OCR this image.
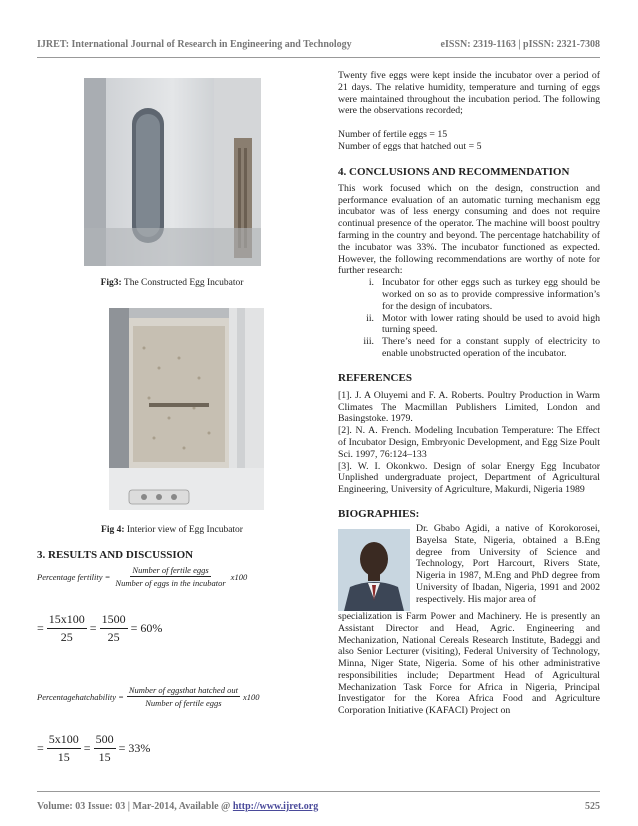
IJRET: International Journal of Research in Engineering and Technology	eISSN: 2319-1163 | pISSN: 2321-7308
Fig3: The Constructed Egg Incubator
Fig 4: Interior view of Egg Incubator
3. RESULTS AND DISCUSSION
Percentage fertility = $\frac{\text{Number of fertile eggs}}{\text{Number of eggs in the incubator}} x100$
= $\frac{15x100}{25} = \frac{1500}{25} = 60\%$
Percentagehatchability = $\frac{\text{Number of eggsthat hatched out}}{\text{Number of fertile eggs}} x100$
= $\frac{5x100}{15} = \frac{500}{15} = 33\%$

Twenty five eggs were kept inside the incubator over a period of 21 days. The relative humidity, temperature and turning of eggs were maintained throughout the incubation period. The following were the observations recorded;

Number of fertile eggs = 15

Number of eggs that hatched out = 5

4. CONCLUSIONS AND RECOMMENDATION

This work focused which on the design, construction and performance evaluation of an automatic turning mechanism egg incubator was of less energy consuming and does not require continual presence of the operator. The machine will boost poultry farming in the country and beyond. The percentage hatchability of the incubator was 33%. The incubator functioned as expected. However, the following recommendations are worthy of note for further research:

i. Incubator for other eggs such as turkey egg should be worked on so as to provide compressive information’s for the design of incubators.
ii. Motor with lower rating should be used to avoid high turning speed.
iii. There’s need for a constant supply of electricity to enable unobstructed operation of the incubator.
REFERENCES

[1]. J. A Oluyemi and F. A. Roberts. Poultry Production in Warm Climates The Macmillan Publishers Limited, London and Basingstoke. 1979.

[2]. N. A. French. Modeling Incubation Temperature: The Effect of Incubator Design, Embryonic Development, and Egg Size Poult Sci. 1997, 76:124–133

[3]. W. I. Okonkwo. Design of solar Energy Egg Incubator Unplished undergraduate project, Department of Agricultural Engineering, University of Agriculture, Makurdi, Nigeria 1989

BIOGRAPHIES:

Dr. Gbabo Agidi, a native of Korokorosei, Bayelsa State, Nigeria, obtained a B.Eng degree from University of Science and Technology, Port Harcourt, Rivers State, Nigeria in 1987, M.Eng and PhD degree from University of Ibadan, Nigeria, 1991 and 2002 respectively. His major area of

specialization is Farm Power and Machinery. He is presently an Assistant Director and Head, Agric. Engineering and Mechanization, National Cereals Research Institute, Badeggi and also Senior Lecturer (visiting), Federal University of Technology, Minna, Niger State, Nigeria. Some of his other administrative responsibilities include; Department Head of Agricultural Mechanization Task Force for Africa in Nigeria, Principal Investigator for the Korea Africa Food and Agriculture Corporation Initiative (KAFACI) Project on

Volume: 03 Issue: 03 | Mar-2014, Available @ http://www.ijret.org	525
